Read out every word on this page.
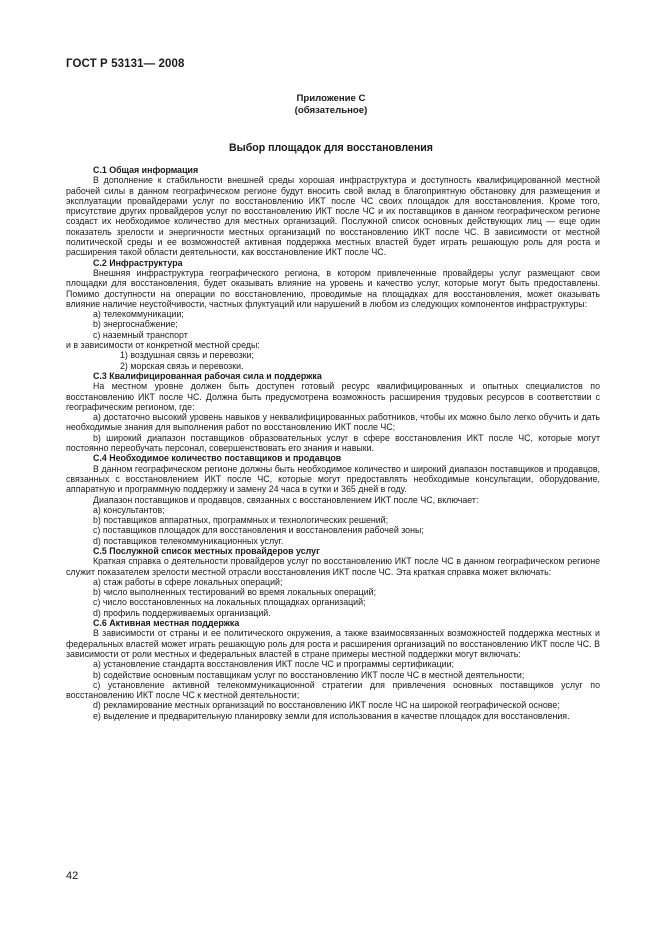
ГОСТ Р 53131— 2008
Приложение С
(обязательное)
Выбор площадок для восстановления

С.1 Общая информация

В дополнение к стабильности внешней среды хорошая инфраструктура и доступность квалифицированной местной рабочей силы в данном географическом регионе будут вносить свой вклад в благоприятную обстановку для размещения и эксплуатации провайдерами услуг по восстановлению ИКТ после ЧС своих площадок для восстановления. Кроме того, присутствие других провайдеров услуг по восстановлению ИКТ после ЧС и их поставщиков в данном географическом регионе создаст их необходимое количество для местных организаций. Послужной список основных действующих лиц — еще один показатель зрелости и энергичности местных организаций по восстановлению ИКТ после ЧС. В зависимости от местной политической среды и ее возможностей активная поддержка местных властей будет играть решающую роль для роста и расширения такой области деятельности, как восстановление ИКТ после ЧС.

С.2 Инфраструктура

Внешняя инфраструктура географического региона, в котором привлеченные провайдеры услуг размещают свои площадки для восстановления, будет оказывать влияние на уровень и качество услуг, которые могут быть предоставлены. Помимо доступности на операции по восстановлению, проводимые на площадках для восстановления, может оказывать влияние наличие неустойчивости, частных флуктуаций или нарушений в любом из следующих компонентов инфраструктуры:

а) телекоммуникации;

b) энергоснабжение;

с) наземный транспорт

и в зависимости от конкретной местной среды:

1) воздушная связь и перевозки;

2) морская связь и перевозки.

С.3 Квалифицированная рабочая сила и поддержка

На местном уровне должен быть доступен готовый ресурс квалифицированных и опытных специалистов по восстановлению ИКТ после ЧС. Должна быть предусмотрена возможность расширения трудовых ресурсов в соответствии с географическим регионом, где:

а) достаточно высокий уровень навыков у неквалифицированных работников, чтобы их можно было легко обучить и дать необходимые знания для выполнения работ по восстановлению ИКТ после ЧС;

b) широкий диапазон поставщиков образовательных услуг в сфере восстановления ИКТ после ЧС, которые могут постоянно переобучать персонал, совершенствовать его знания и навыки.

С.4 Необходимое количество поставщиков и продавцов

В данном географическом регионе должны быть необходимое количество и широкий диапазон поставщиков и продавцов, связанных с восстановлением ИКТ после ЧС, которые могут предоставлять необходимые консультации, оборудование, аппаратную и программную поддержку и замену 24 часа в сутки и 365 дней в году.

Диапазон поставщиков и продавцов, связанных с восстановлением ИКТ после ЧС, включает:

а) консультантов;

b) поставщиков аппаратных, программных и технологических решений;

с) поставщиков площадок для восстановления и восстановления рабочей зоны;

d) поставщиков телекоммуникационных услуг.

С.5 Послужной список местных провайдеров услуг

Краткая справка о деятельности провайдеров услуг по восстановлению ИКТ после ЧС в данном географическом регионе служит показателем зрелости местной отрасли восстановления ИКТ после ЧС. Эта краткая справка может включать:

а) стаж работы в сфере локальных операций;

b) число выполненных тестирований во время локальных операций;

с) число восстановленных на локальных площадках организаций;

d) профиль поддерживаемых организаций.

С.6 Активная местная поддержка

В зависимости от страны и ее политического окружения, а также взаимосвязанных возможностей поддержка местных и федеральных властей может играть решающую роль для роста и расширения организаций по восстановлению ИКТ после ЧС. В зависимости от роли местных и федеральных властей в стране примеры местной поддержки могут включать:

а) установление стандарта восстановления ИКТ после ЧС и программы сертификации;

b) содействие основным поставщикам услуг по восстановлению ИКТ после ЧС в местной деятельности;

с) установление активной телекоммуникационной стратегии для привлечения основных поставщиков услуг по восстановлению ИКТ после ЧС к местной деятельности;

d) рекламирование местных организаций по восстановлению ИКТ после ЧС на широкой географической основе;

е) выделение и предварительную планировку земли для использования в качестве площадок для восстановления.

42
